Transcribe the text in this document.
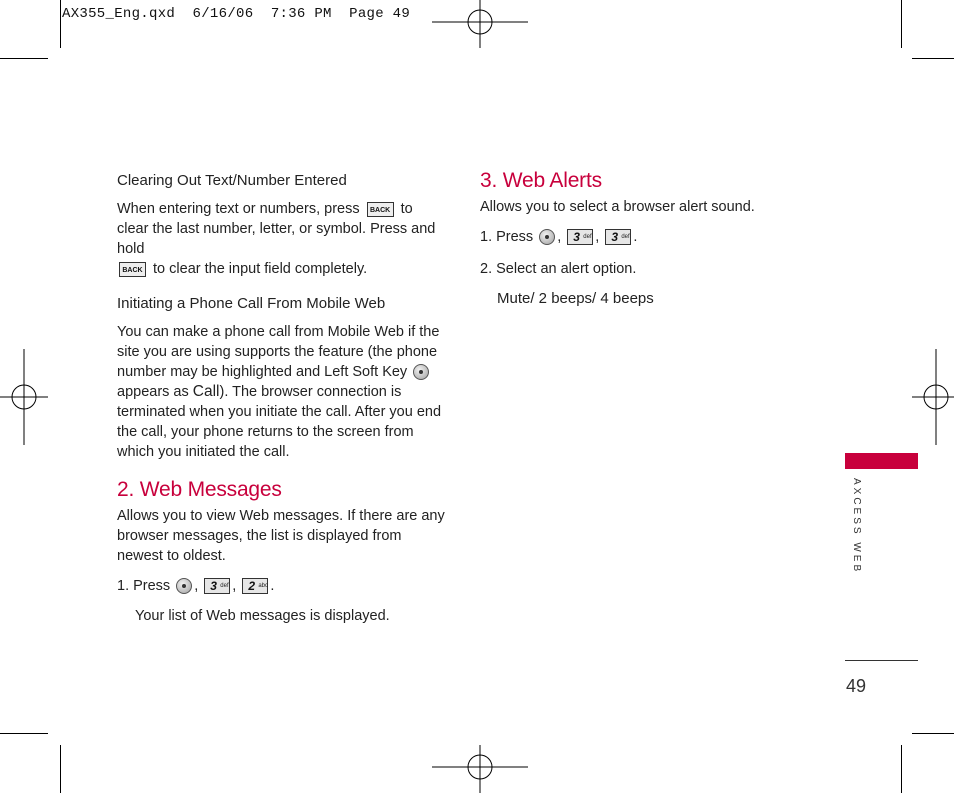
AX355_Eng.qxd  6/16/06  7:36 PM  Page 49

Clearing Out Text/Number Entered

When entering text or numbers, press BACK to clear the last number, letter, or symbol. Press and hold
BACK to clear the input field completely.

Initiating a Phone Call From Mobile Web

You can make a phone call from Mobile Web if the site you are using supports the feature (the phone number may be highlighted and Left Soft Key
appears as Call). The browser connection is terminated when you initiate the call. After you end the call, your phone returns to the screen from which you initiated the call.

2. Web Messages

Allows you to view Web messages. If there are any browser messages, the list is displayed from newest to oldest.

1. Press , 3 def , 2 abc .

Your list of Web messages is displayed.

3. Web Alerts

Allows you to select a browser alert sound.

1. Press , 3 def , 3 def .

2. Select an alert option.

Mute/ 2 beeps/ 4 beeps

AXCESS WEB
49
